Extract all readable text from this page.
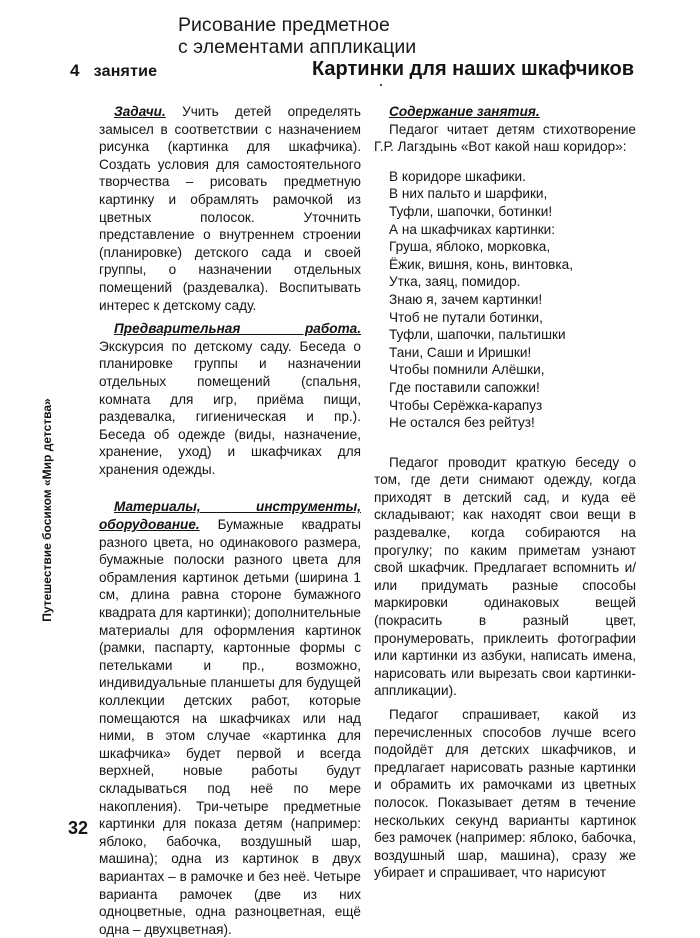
Рисование предметное
с элементами аппликации
4 занятие	Картинки для наших шкафчиков
Путешествие босиком «Мир детства»

Задачи. Учить детей определять замысел в соответствии с назначением рисунка (картинка для шкафчика). Создать условия для самостоятельного творчества – рисовать предметную картинку и обрамлять рамочкой из цветных полосок. Уточнить представление о внутреннем строении (планировке) детского сада и своей группы, о назначении отдельных помещений (раздевалка). Воспитывать интерес к детскому саду.

Предварительная работа. Экскурсия по детскому саду. Беседа о планировке группы и назначении отдельных помещений (спальня, комната для игр, приёма пищи, раздевалка, гигиеническая и пр.). Беседа об одежде (виды, назначение, хранение, уход) и шкафчиках для хранения одежды.

Материалы, инструменты, оборудование. Бумажные квадраты разного цвета, но одинакового размера, бумажные полоски разного цвета для обрамления картинок детьми (ширина 1 см, длина равна стороне бумажного квадрата для картинки); дополнительные материалы для оформления картинок (рамки, паспарту, картонные формы с петельками и пр., возможно, индивидуальные планшеты для будущей коллекции детских работ, которые помещаются на шкафчиках или над ними, в этом случае «картинка для шкафчика» будет первой и всегда верхней, новые работы будут складываться под неё по мере накопления). Три-четыре предметные картинки для показа детям (например: яблоко, бабочка, воздушный шар, машина); одна из картинок в двух вариантах – в рамочке и без неё. Четыре варианта рамочек (две из них одноцветные, одна разноцветная, ещё одна – двухцветная).

Содержание занятия.

Педагог читает детям стихотворение Г.Р. Лагздынь «Вот какой наш коридор»:

В коридоре шкафики.
В них пальто и шарфики,
Туфли, шапочки, ботинки!
А на шкафчиках картинки:
Груша, яблоко, морковка,
Ёжик, вишня, конь, винтовка,
Утка, заяц, помидор.
Знаю я, зачем картинки!
Чтоб не путали ботинки,
Туфли, шапочки, пальтишки
Тани, Саши и Иришки!
Чтобы помнили Алёшки,
Где поставили сапожки!
Чтобы Серёжка-карапуз
Не остался без рейтуз!

Педагог проводит краткую беседу о том, где дети снимают одежду, когда приходят в детский сад, и куда её складывают; как находят свои вещи в раздевалке, когда собираются на прогулку; по каким приметам узнают свой шкафчик. Предлагает вспомнить и/или придумать разные способы маркировки одинаковых вещей (покрасить в разный цвет, пронумеровать, приклеить фотографии или картинки из азбуки, написать имена, нарисовать или вырезать свои картинки-аппликации).

Педагог спрашивает, какой из перечисленных способов лучше всего подойдёт для детских шкафчиков, и предлагает нарисовать разные картинки и обрамить их рамочками из цветных полосок. Показывает детям в течение нескольких секунд варианты картинок без рамочек (например: яблоко, бабочка, воздушный шар, машина), сразу же убирает и спрашивает, что нарисуют

32
